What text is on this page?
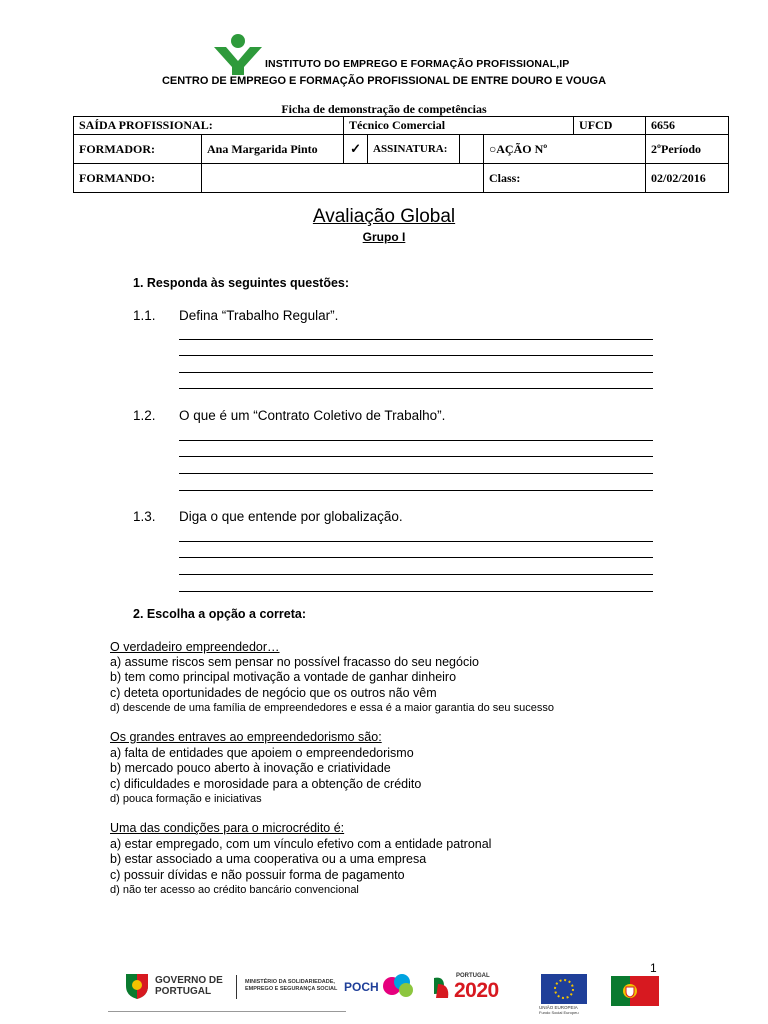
INSTITUTO DO EMPREGO E FORMAÇÃO PROFISSIONAL,IP
CENTRO DE EMPREGO E FORMAÇÃO PROFISSIONAL DE ENTRE DOURO E VOUGA
Ficha de demonstração de competências
SAÍDA PROFISSIONAL:		Técnico Comercial				UFCD	6656
FORMADOR:	Ana Margarida Pinto	✓	ASSINATURA:		○AÇÃO Nº		2ºPeríodo
FORMANDO:					Class:		02/02/2016
Avaliação Global
Grupo I
1. Responda às seguintes questões:
1.1. Defina “Trabalho Regular”.
1.2. O que é um “Contrato Coletivo de Trabalho”.
1.3. Diga o que entende por globalização.
2. Escolha a opção a correta:
O verdadeiro empreendedor…
a) assume riscos sem pensar no possível fracasso do seu negócio
b) tem como principal motivação a vontade de ganhar dinheiro
c) deteta oportunidades de negócio que os outros não vêm
d) descende de uma família de empreendedores e essa é a maior garantia do seu sucesso
Os grandes entraves ao empreendedorismo são:
a) falta de entidades que apoiem o empreendedorismo
b) mercado pouco aberto à inovação e criatividade
c) dificuldades e morosidade para a obtenção de crédito
d) pouca formação e iniciativas
Uma das condições para o microcrédito é:
a) estar empregado, com um vínculo efetivo com a entidade patronal
b) estar associado a uma cooperativa ou a uma empresa
c) possuir dívidas e não possuir forma de pagamento
d) não ter acesso ao crédito bancário convencional
1
GOVERNO DE PORTUGAL
MINISTÉRIO DA SOLIDARIEDADE,
EMPREGO E SEGURANÇA SOCIAL POCH
PORTUGAL
2020
UNIÃO EUROPEIA
Fundo Social Europeu
